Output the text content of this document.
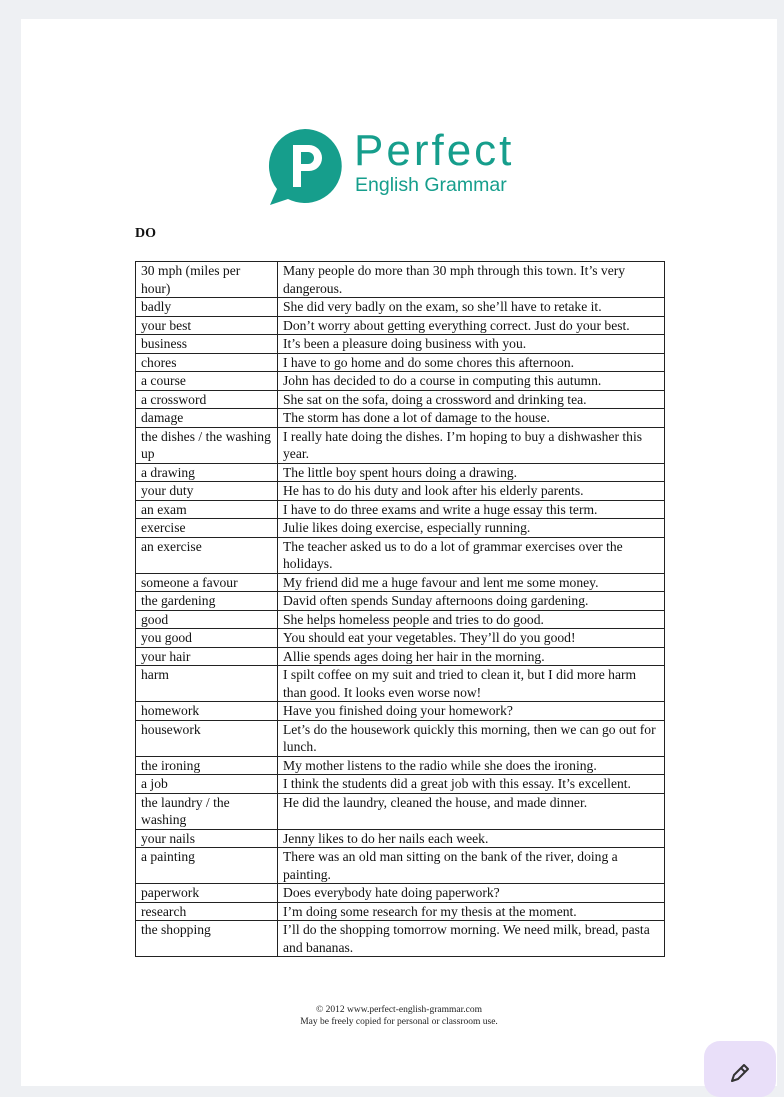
Perfect
English Grammar
DO
30 mph (miles per hour)	Many people do more than 30 mph through this town. It’s very dangerous.
badly	She did very badly on the exam, so she’ll have to retake it.
your best	Don’t worry about getting everything correct. Just do your best.
business	It’s been a pleasure doing business with you.
chores	I have to go home and do some chores this afternoon.
a course	John has decided to do a course in computing this autumn.
a crossword	She sat on the sofa, doing a crossword and drinking tea.
damage	The storm has done a lot of damage to the house.
the dishes / the washing up	I really hate doing the dishes. I’m hoping to buy a dishwasher this year.
a drawing	The little boy spent hours doing a drawing.
your duty	He has to do his duty and look after his elderly parents.
an exam	I have to do three exams and write a huge essay this term.
exercise	Julie likes doing exercise, especially running.
an exercise	The teacher asked us to do a lot of grammar exercises over the holidays.
someone a favour	My friend did me a huge favour and lent me some money.
the gardening	David often spends Sunday afternoons doing gardening.
good	She helps homeless people and tries to do good.
you good	You should eat your vegetables. They’ll do you good!
your hair	Allie spends ages doing her hair in the morning.
harm	I spilt coffee on my suit and tried to clean it, but I did more harm than good. It looks even worse now!
homework	Have you finished doing your homework?
housework	Let’s do the housework quickly this morning, then we can go out for lunch.
the ironing	My mother listens to the radio while she does the ironing.
a job	I think the students did a great job with this essay. It’s excellent.
the laundry / the washing	He did the laundry, cleaned the house, and made dinner.
your nails	Jenny likes to do her nails each week.
a painting	There was an old man sitting on the bank of the river, doing a painting.
paperwork	Does everybody hate doing paperwork?
research	I’m doing some research for my thesis at the moment.
the shopping	I’ll do the shopping tomorrow morning. We need milk, bread, pasta and bananas.
© 2012 www.perfect-english-grammar.com
May be freely copied for personal or classroom use.
